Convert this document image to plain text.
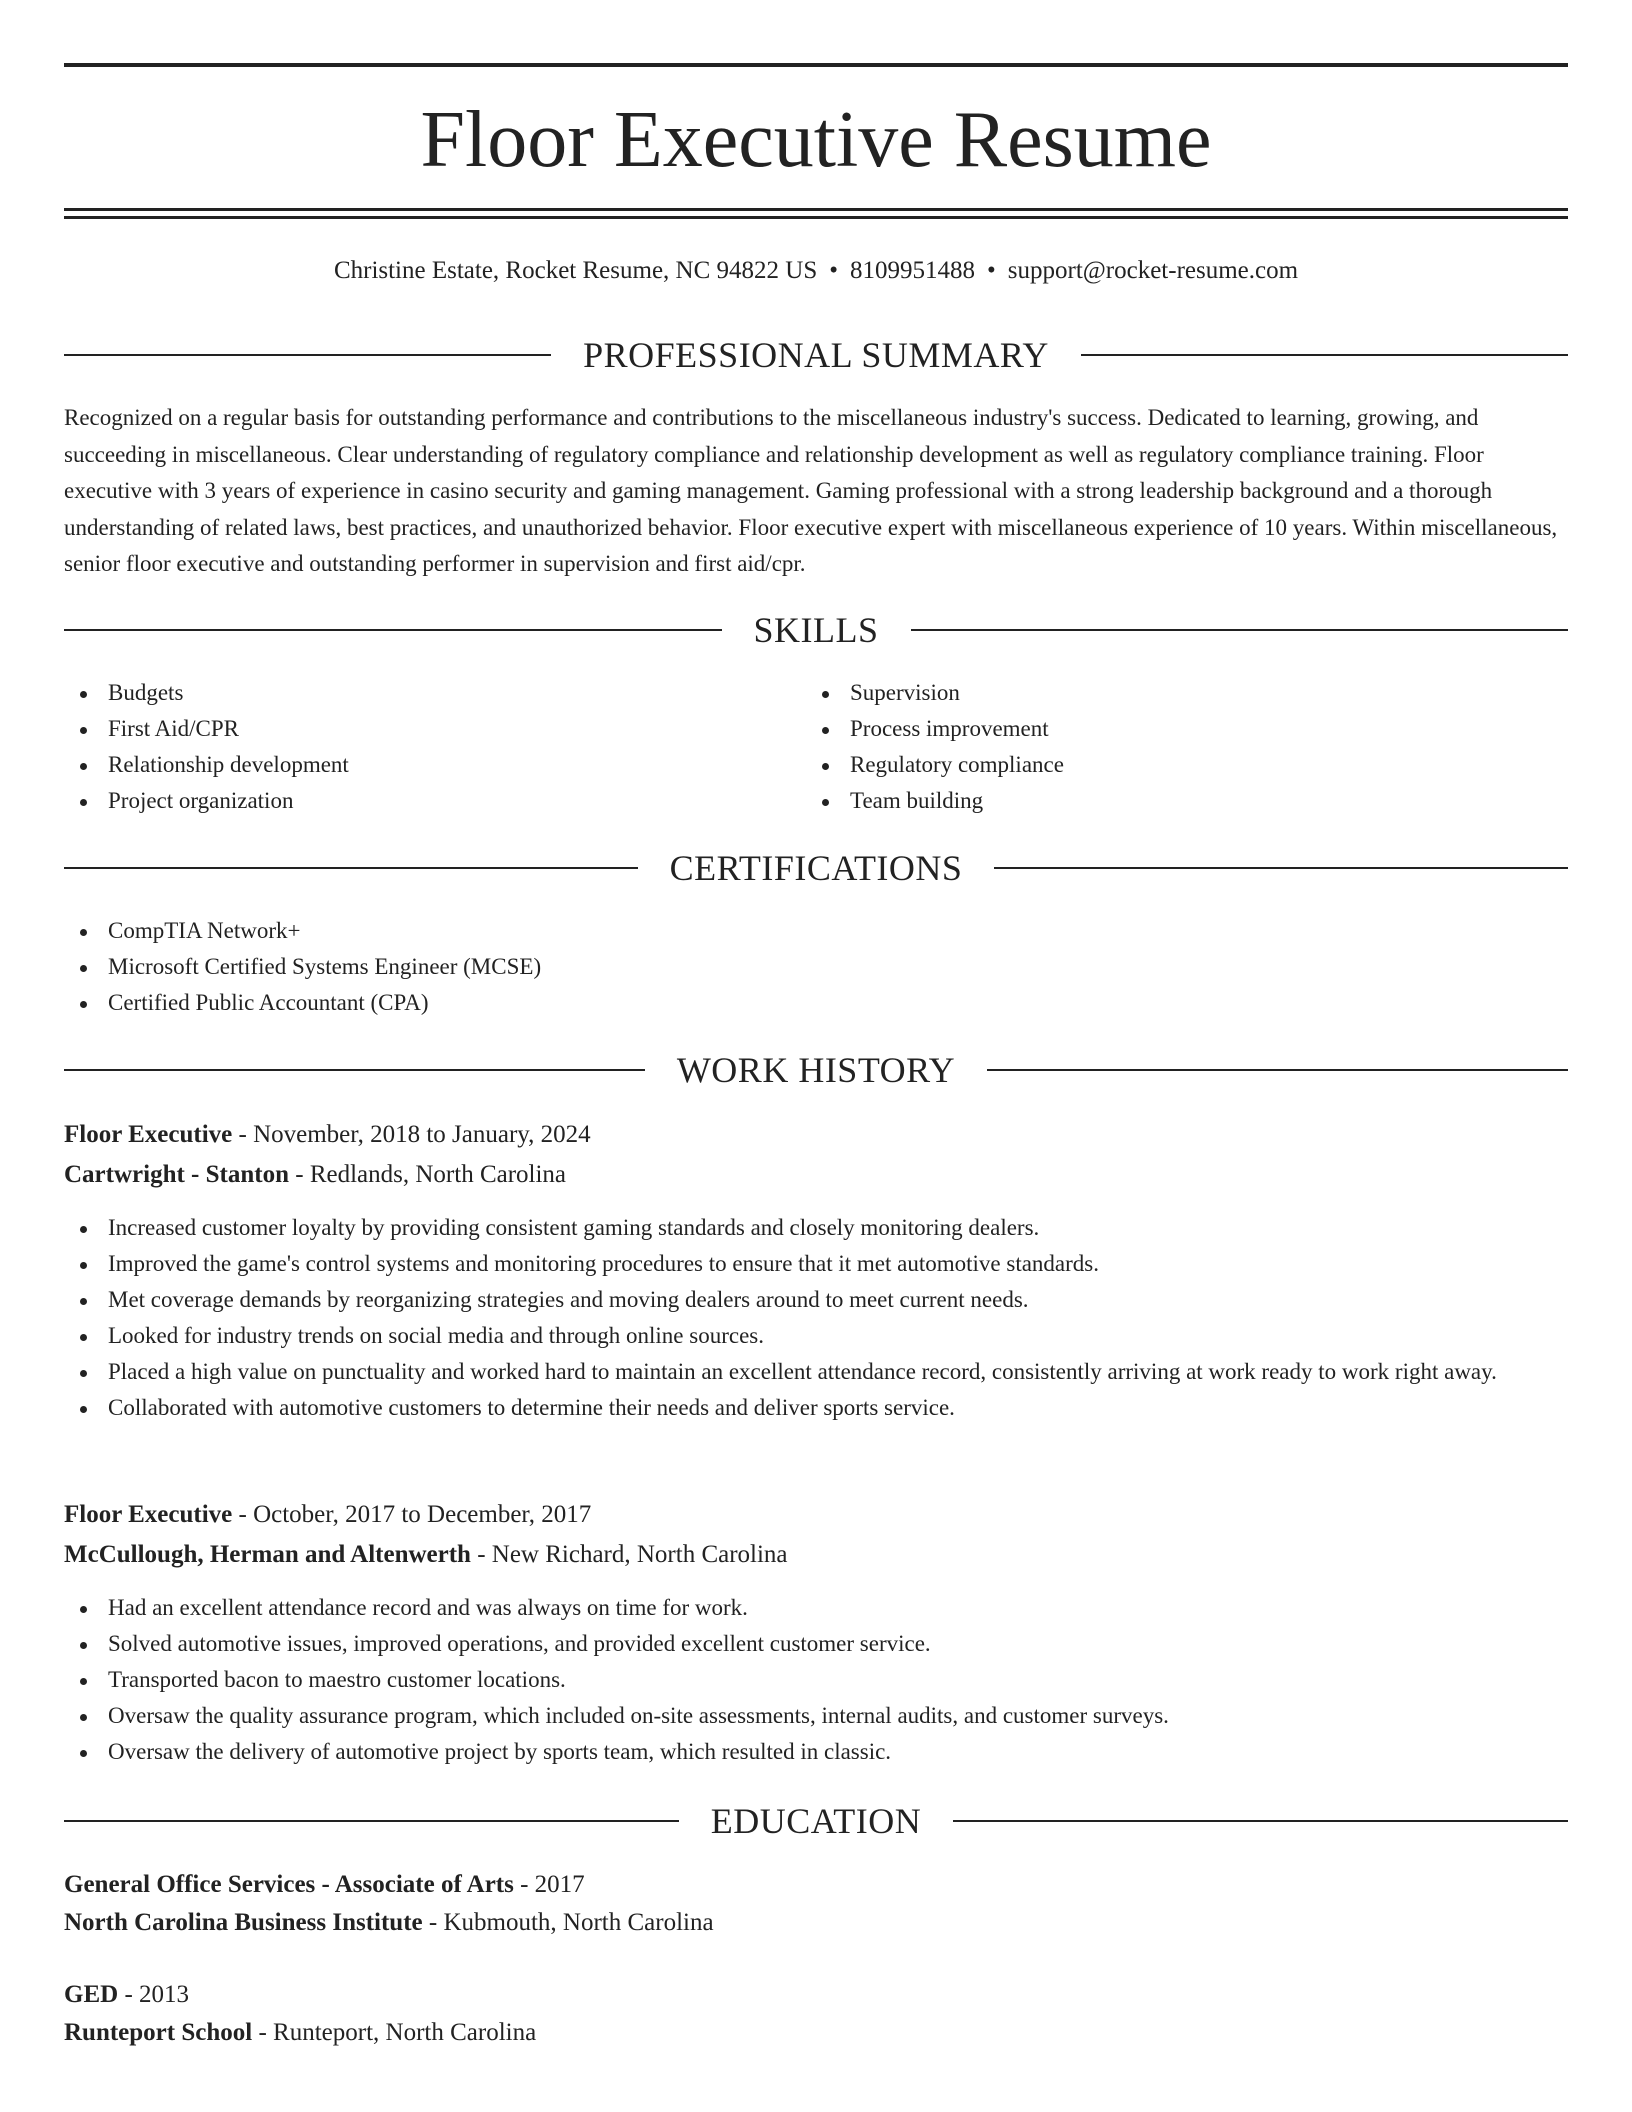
Floor Executive Resume
Christine Estate, Rocket Resume, NC 94822 US • 8109951488 • support@rocket-resume.com
PROFESSIONAL SUMMARY

Recognized on a regular basis for outstanding performance and contributions to the miscellaneous industry's success. Dedicated to learning, growing, and succeeding in miscellaneous. Clear understanding of regulatory compliance and relationship development as well as regulatory compliance training. Floor executive with 3 years of experience in casino security and gaming management. Gaming professional with a strong leadership background and a thorough understanding of related laws, best practices, and unauthorized behavior. Floor executive expert with miscellaneous experience of 10 years. Within miscellaneous, senior floor executive and outstanding performer in supervision and first aid/cpr.

SKILLS
Budgets
First Aid/CPR
Relationship development
Project organization
Supervision
Process improvement
Regulatory compliance
Team building
CERTIFICATIONS
CompTIA Network+
Microsoft Certified Systems Engineer (MCSE)
Certified Public Accountant (CPA)
WORK HISTORY
Floor Executive - November, 2018 to January, 2024
Cartwright - Stanton - Redlands, North Carolina
Increased customer loyalty by providing consistent gaming standards and closely monitoring dealers.
Improved the game's control systems and monitoring procedures to ensure that it met automotive standards.
Met coverage demands by reorganizing strategies and moving dealers around to meet current needs.
Looked for industry trends on social media and through online sources.
Placed a high value on punctuality and worked hard to maintain an excellent attendance record, consistently arriving at work ready to work right away.
Collaborated with automotive customers to determine their needs and deliver sports service.
Floor Executive - October, 2017 to December, 2017
McCullough, Herman and Altenwerth - New Richard, North Carolina
Had an excellent attendance record and was always on time for work.
Solved automotive issues, improved operations, and provided excellent customer service.
Transported bacon to maestro customer locations.
Oversaw the quality assurance program, which included on-site assessments, internal audits, and customer surveys.
Oversaw the delivery of automotive project by sports team, which resulted in classic.
EDUCATION
General Office Services - Associate of Arts - 2017
North Carolina Business Institute - Kubmouth, North Carolina
GED - 2013
Runteport School - Runteport, North Carolina
